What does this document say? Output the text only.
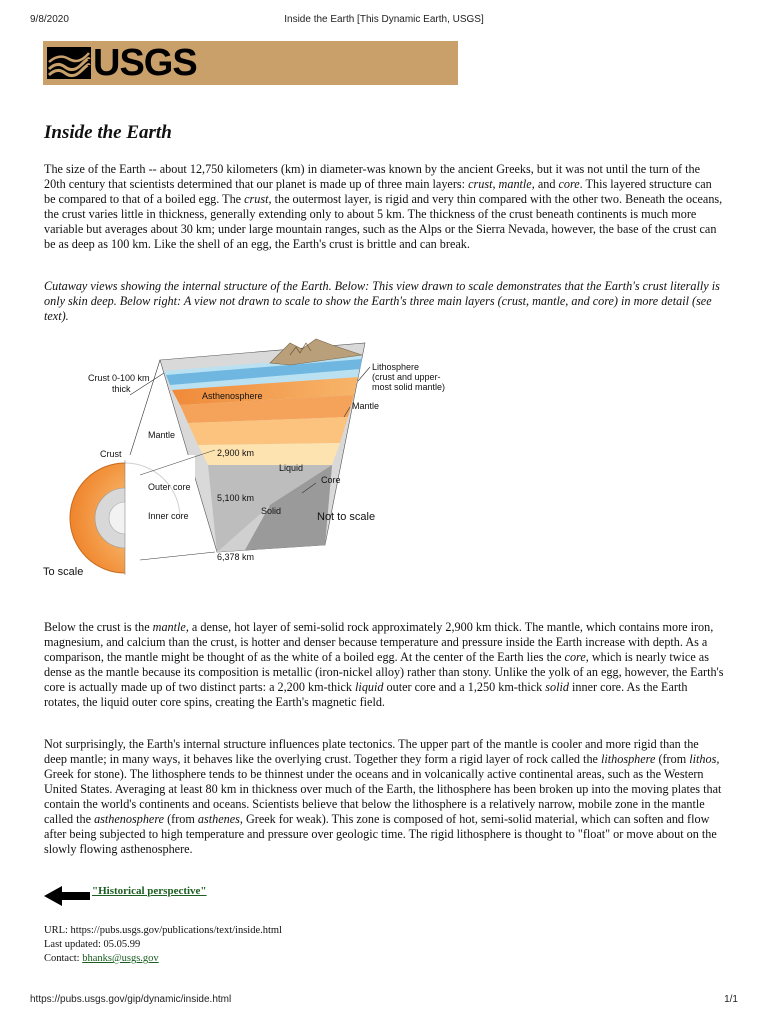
9/8/2020	Inside the Earth [This Dynamic Earth, USGS]
USGS
Inside the Earth

The size of the Earth -- about 12,750 kilometers (km) in diameter-was known by the ancient Greeks, but it was not until the turn of the 20th century that scientists determined that our planet is made up of three main layers: crust, mantle, and core. This layered structure can be compared to that of a boiled egg. The crust, the outermost layer, is rigid and very thin compared with the other two. Beneath the oceans, the crust varies little in thickness, generally extending only to about 5 km. The thickness of the crust beneath continents is much more variable but averages about 30 km; under large mountain ranges, such as the Alps or the Sierra Nevada, however, the base of the crust can be as deep as 100 km. Like the shell of an egg, the Earth's crust is brittle and can break.

Cutaway views showing the internal structure of the Earth. Below: This view drawn to scale demonstrates that the Earth's crust literally is only skin deep. Below right: A view not drawn to scale to show the Earth's three main layers (crust, mantle, and core) in more detail (see text).

Crust 0-100 km
thick
Lithosphere
(crust and upper-
most solid mantle)
Asthenosphere
Mantle
Mantle
Crust	2,900 km
Liquid
Outer core
Core
5,100 km
Inner core	Solid	Not to scale
6,378 km
To scale

Below the crust is the mantle, a dense, hot layer of semi-solid rock approximately 2,900 km thick. The mantle, which contains more iron, magnesium, and calcium than the crust, is hotter and denser because temperature and pressure inside the Earth increase with depth. As a comparison, the mantle might be thought of as the white of a boiled egg. At the center of the Earth lies the core, which is nearly twice as dense as the mantle because its composition is metallic (iron-nickel alloy) rather than stony. Unlike the yolk of an egg, however, the Earth's core is actually made up of two distinct parts: a 2,200 km-thick liquid outer core and a 1,250 km-thick solid inner core. As the Earth rotates, the liquid outer core spins, creating the Earth's magnetic field.

Not surprisingly, the Earth's internal structure influences plate tectonics. The upper part of the mantle is cooler and more rigid than the deep mantle; in many ways, it behaves like the overlying crust. Together they form a rigid layer of rock called the lithosphere (from lithos, Greek for stone). The lithosphere tends to be thinnest under the oceans and in volcanically active continental areas, such as the Western United States. Averaging at least 80 km in thickness over much of the Earth, the lithosphere has been broken up into the moving plates that contain the world's continents and oceans. Scientists believe that below the lithosphere is a relatively narrow, mobile zone in the mantle called the asthenosphere (from asthenes, Greek for weak). This zone is composed of hot, semi-solid material, which can soften and flow after being subjected to high temperature and pressure over geologic time. The rigid lithosphere is thought to "float" or move about on the slowly flowing asthenosphere.

"Historical perspective"
URL: https://pubs.usgs.gov/publications/text/inside.html
Last updated: 05.05.99
Contact: bhanks@usgs.gov
https://pubs.usgs.gov/gip/dynamic/inside.html	1/1
